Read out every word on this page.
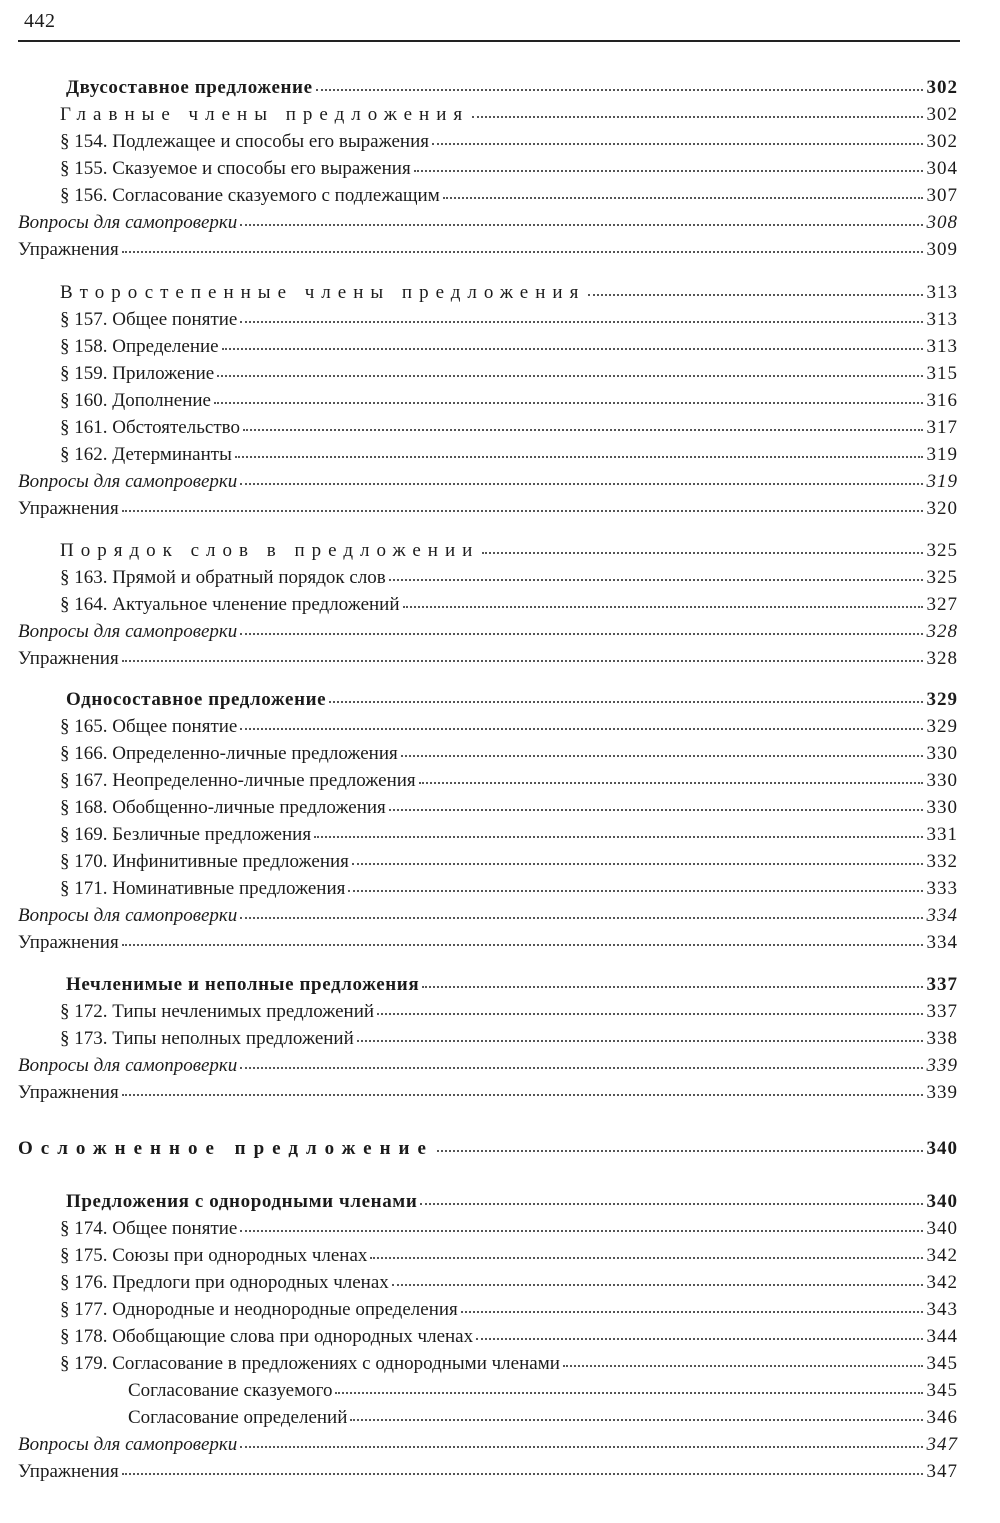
442
Двусоставное предложение	302
Главные члены предложения	302
§ 154. Подлежащее и способы его выражения	302
§ 155. Сказуемое и способы его выражения	304
§ 156. Согласование сказуемого с подлежащим	307
Вопросы для самопроверки	308
Упражнения	309
Второстепенные члены предложения	313
§ 157. Общее понятие	313
§ 158. Определение	313
§ 159. Приложение	315
§ 160. Дополнение	316
§ 161. Обстоятельство	317
§ 162. Детерминанты	319
Вопросы для самопроверки	319
Упражнения	320
Порядок слов в предложении	325
§ 163. Прямой и обратный порядок слов	325
§ 164. Актуальное членение предложений	327
Вопросы для самопроверки	328
Упражнения	328
Односоставное предложение	329
§ 165. Общее понятие	329
§ 166. Определенно-личные предложения	330
§ 167. Неопределенно-личные предложения	330
§ 168. Обобщенно-личные предложения	330
§ 169. Безличные предложения	331
§ 170. Инфинитивные предложения	332
§ 171. Номинативные предложения	333
Вопросы для самопроверки	334
Упражнения	334
Нечленимые и неполные предложения	337
§ 172. Типы нечленимых предложений	337
§ 173. Типы неполных предложений	338
Вопросы для самопроверки	339
Упражнения	339
Осложненное предложение	340
Предложения с однородными членами	340
§ 174. Общее понятие	340
§ 175. Союзы при однородных членах	342
§ 176. Предлоги при однородных членах	342
§ 177. Однородные и неоднородные определения	343
§ 178. Обобщающие слова при однородных членах	344
§ 179. Согласование в предложениях с однородными членами	345
Согласование сказуемого	345
Согласование определений	346
Вопросы для самопроверки	347
Упражнения	347
